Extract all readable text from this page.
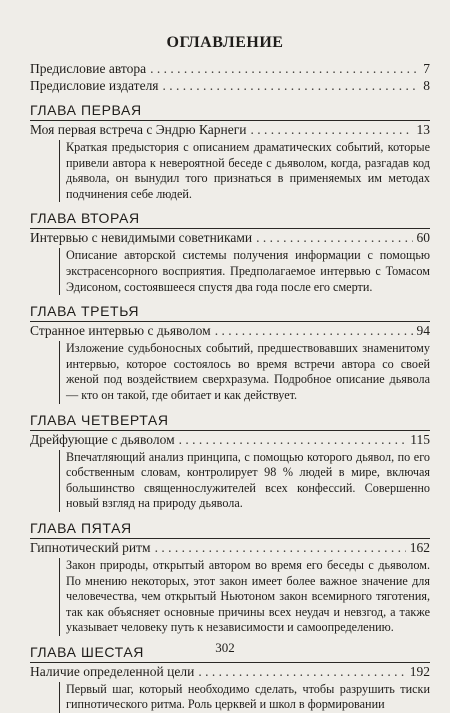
ОГЛАВЛЕНИЕ
Предисловие автора . . .	7
Предисловие издателя . . .	8
ГЛАВА ПЕРВАЯ
Моя первая встреча с Эндрю Карнеги . . .	13
Краткая предыстория с описанием драматических событий, которые привели автора к невероятной беседе с дьяволом, когда, разгадав код дьявола, он вынудил того признаться в применяемых им методах подчинения себе людей.
ГЛАВА ВТОРАЯ
Интервью с невидимыми советниками . . .	60
Описание авторской системы получения информации с помощью экстрасенсорного восприятия. Предполагаемое интервью с Томасом Эдисоном, состоявшееся спустя два года после его смерти.
ГЛАВА ТРЕТЬЯ
Странное интервью с дьяволом . . .	94
Изложение судьбоносных событий, предшествовавших знаменитому интервью, которое состоялось во время встречи автора со своей женой под воздействием сверхразума. Подробное описание дьявола — кто он такой, где обитает и как действует.
ГЛАВА ЧЕТВЕРТАЯ
Дрейфующие с дьяволом . . .	115
Впечатляющий анализ принципа, с помощью которого дьявол, по его собственным словам, контролирует 98 % людей в мире, включая большинство священнослужителей всех конфессий. Совершенно новый взгляд на природу дьявола.
ГЛАВА ПЯТАЯ
Гипнотический ритм . . .	162
Закон природы, открытый автором во время его беседы с дьяволом. По мнению некоторых, этот закон имеет более важное значение для человечества, чем открытый Ньютоном закон всемирного тяготения, так как объясняет основные причины всех неудач и невзгод, а также указывает человеку путь к независимости и самоопределению.
ГЛАВА ШЕСТАЯ
Наличие определенной цели . . .	192
Первый шаг, который необходимо сделать, чтобы разрушить тиски гипнотического ритма. Роль церквей и школ в формировании
302
